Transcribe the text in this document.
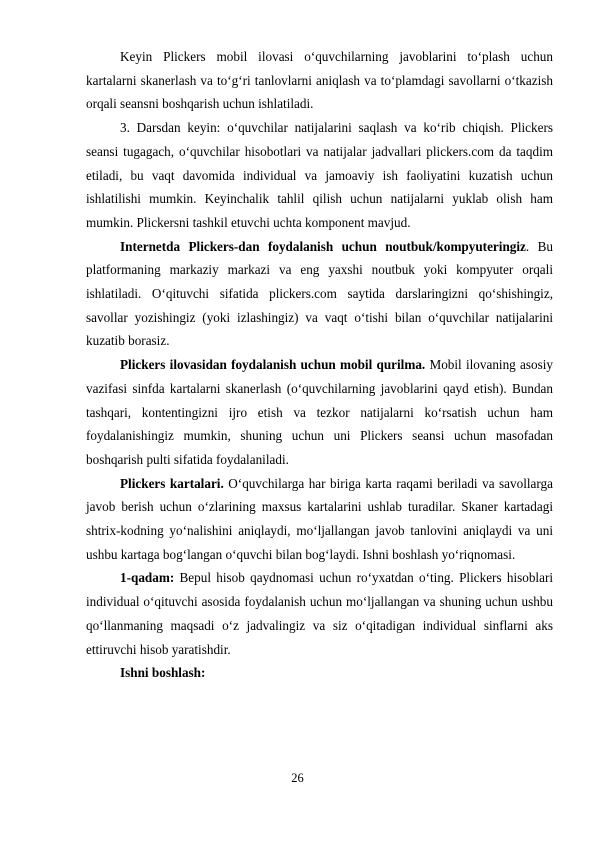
Keyin Plickers mobil ilovasi o‘quvchilarning javoblarini to‘plash uchun kartalarni skanerlash va to‘g‘ri tanlovlarni aniqlash va to‘plamdagi savollarni o‘tkazish orqali seansni boshqarish uchun ishlatiladi.

3. Darsdan keyin: o‘quvchilar natijalarini saqlash va ko‘rib chiqish. Plickers seansi tugagach, o‘quvchilar hisobotlari va natijalar jadvallari plickers.com da taqdim etiladi, bu vaqt davomida individual va jamoaviy ish faoliyatini kuzatish uchun ishlatilishi mumkin. Keyinchalik tahlil qilish uchun natijalarni yuklab olish ham mumkin. Plickersni tashkil etuvchi uchta komponent mavjud.

Internetda Plickers-dan foydalanish uchun noutbuk/kompyuteringiz. Bu platformaning markaziy markazi va eng yaxshi noutbuk yoki kompyuter orqali ishlatiladi. O‘qituvchi sifatida plickers.com saytida darslaringizni qo‘shishingiz, savollar yozishingiz (yoki izlashingiz) va vaqt o‘tishi bilan o‘quvchilar natijalarini kuzatib borasiz.

Plickers ilovasidan foydalanish uchun mobil qurilma. Mobil ilovaning asosiy vazifasi sinfda kartalarni skanerlash (o‘quvchilarning javoblarini qayd etish). Bundan tashqari, kontentingizni ijro etish va tezkor natijalarni ko‘rsatish uchun ham foydalanishingiz mumkin, shuning uchun uni Plickers seansi uchun masofadan boshqarish pulti sifatida foydalaniladi.

Plickers kartalari. O‘quvchilarga har biriga karta raqami beriladi va savollarga javob berish uchun o‘zlarining maxsus kartalarini ushlab turadilar. Skaner kartadagi shtrix-kodning yo‘nalishini aniqlaydi, mo‘ljallangan javob tanlovini aniqlaydi va uni ushbu kartaga bog‘langan o‘quvchi bilan bog‘laydi. Ishni boshlash yo‘riqnomasi.

1-qadam: Bepul hisob qaydnomasi uchun ro‘yxatdan o‘ting. Plickers hisoblari individual o‘qituvchi asosida foydalanish uchun mo‘ljallangan va shuning uchun ushbu qo‘llanmaning maqsadi o‘z jadvalingiz va siz o‘qitadigan individual sinflarni aks ettiruvchi hisob yaratishdir.

Ishni boshlash:

26
